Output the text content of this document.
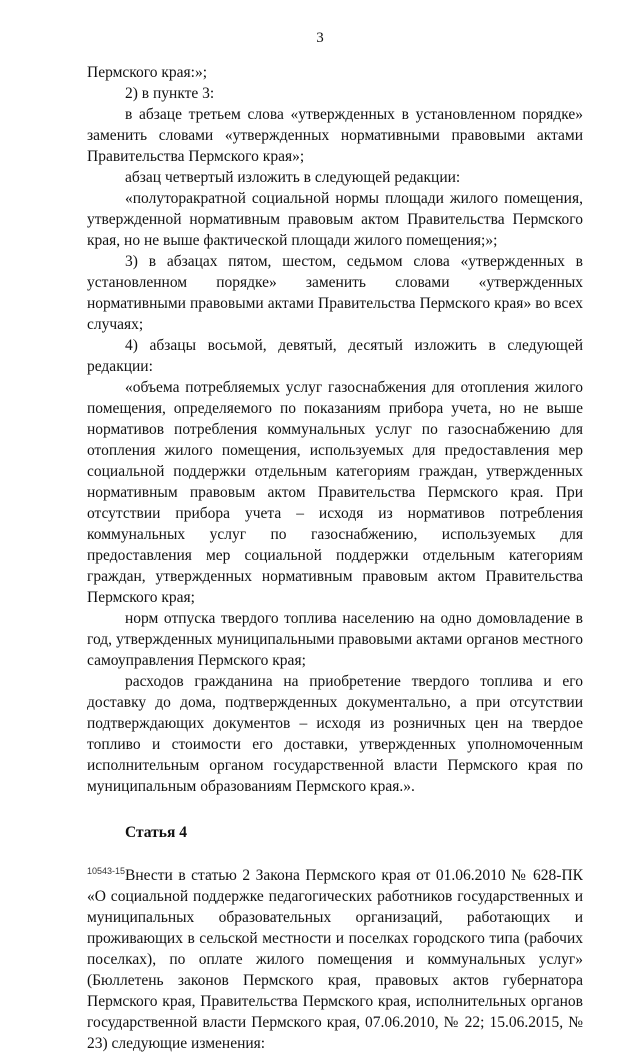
3

Пермского края:»;

2) в пункте 3:

в абзаце третьем слова «утвержденных в установленном порядке» заменить словами «утвержденных нормативными правовыми актами Правительства Пермского края»;

абзац четвертый изложить в следующей редакции:

«полуторакратной социальной нормы площади жилого помещения, утвержденной нормативным правовым актом Правительства Пермского края, но не выше фактической площади жилого помещения;»;

3) в абзацах пятом, шестом, седьмом слова «утвержденных в установленном порядке» заменить словами «утвержденных нормативными правовыми актами Правительства Пермского края» во всех случаях;

4) абзацы восьмой, девятый, десятый изложить в следующей редакции:

«объема потребляемых услуг газоснабжения для отопления жилого помещения, определяемого по показаниям прибора учета, но не выше нормативов потребления коммунальных услуг по газоснабжению для отопления жилого помещения, используемых для предоставления мер социальной поддержки отдельным категориям граждан, утвержденных нормативным правовым актом Правительства Пермского края. При отсутствии прибора учета – исходя из нормативов потребления коммунальных услуг по газоснабжению, используемых для предоставления мер социальной поддержки отдельным категориям граждан, утвержденных нормативным правовым актом Правительства Пермского края;

норм отпуска твердого топлива населению на одно домовладение в год, утвержденных муниципальными правовыми актами органов местного самоуправления Пермского края;

расходов гражданина на приобретение твердого топлива и его доставку до дома, подтвержденных документально, а при отсутствии подтверждающих документов – исходя из розничных цен на твердое топливо и стоимости его доставки, утвержденных уполномоченным исполнительным органом государственной власти Пермского края по муниципальным образованиям Пермского края.».

Статья 4

Внести в статью 2 Закона Пермского края от 01.06.2010 № 628-ПК «О социальной поддержке педагогических работников государственных и муниципальных образовательных организаций, работающих и проживающих в сельской местности и поселках городского типа (рабочих поселках), по оплате жилого помещения и коммунальных услуг» (Бюллетень законов Пермского края, правовых актов губернатора Пермского края, Правительства Пермского края, исполнительных органов государственной власти Пермского края, 07.06.2010, № 22; 15.06.2015, № 23) следующие изменения:

10543-15
